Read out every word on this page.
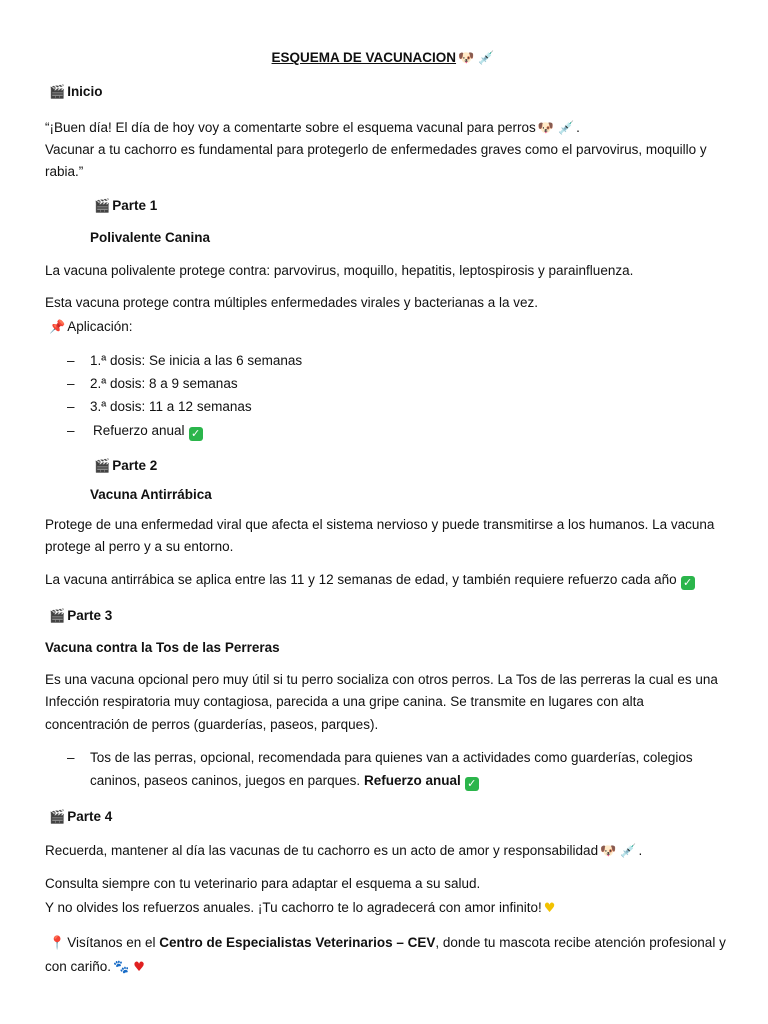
ESQUEMA DE VACUNACION 🐶 💉
🎬 Inicio
“¡Buen día! El día de hoy voy a comentarte sobre el esquema vacunal para perros 🐶 💉 .
Vacunar a tu cachorro es fundamental para protegerlo de enfermedades graves como el parvovirus, moquillo y
rabia.”
🎬 Parte 1
Polivalente Canina
La vacuna polivalente protege contra: parvovirus, moquillo, hepatitis, leptospirosis y parainfluenza.
Esta vacuna protege contra múltiples enfermedades virales y bacterianas a la vez.
📌 Aplicación:
– 1.ª dosis: Se inicia a las 6 semanas
– 2.ª dosis: 8 a 9 semanas
– 3.ª dosis: 11 a 12 semanas
– Refuerzo anual ✓
🎬 Parte 2
Vacuna Antirrábica
Protege de una enfermedad viral que afecta el sistema nervioso y puede transmitirse a los humanos. La vacuna
protege al perro y a su entorno.
La vacuna antirrábica se aplica entre las 11 y 12 semanas de edad, y también requiere refuerzo cada año ✓
🎬 Parte 3
Vacuna contra la Tos de las Perreras
Es una vacuna opcional pero muy útil si tu perro socializa con otros perros. La Tos de las perreras la cual es una
Infección respiratoria muy contagiosa, parecida a una gripe canina. Se transmite en lugares con alta
concentración de perros (guarderías, paseos, parques).
– Tos de las perras, opcional, recomendada para quienes van a actividades como guarderías, colegios
caninos, paseos caninos, juegos en parques. Refuerzo anual ✓
🎬 Parte 4
Recuerda, mantener al día las vacunas de tu cachorro es un acto de amor y responsabilidad 🐶 💉 .
Consulta siempre con tu veterinario para adaptar el esquema a su salud.
Y no olvides los refuerzos anuales. ¡Tu cachorro te lo agradecerá con amor infinito! ♥
📍 Visítanos en el Centro de Especialistas Veterinarios – CEV, donde tu mascota recibe atención profesional y
con cariño. 🐾 ♥
